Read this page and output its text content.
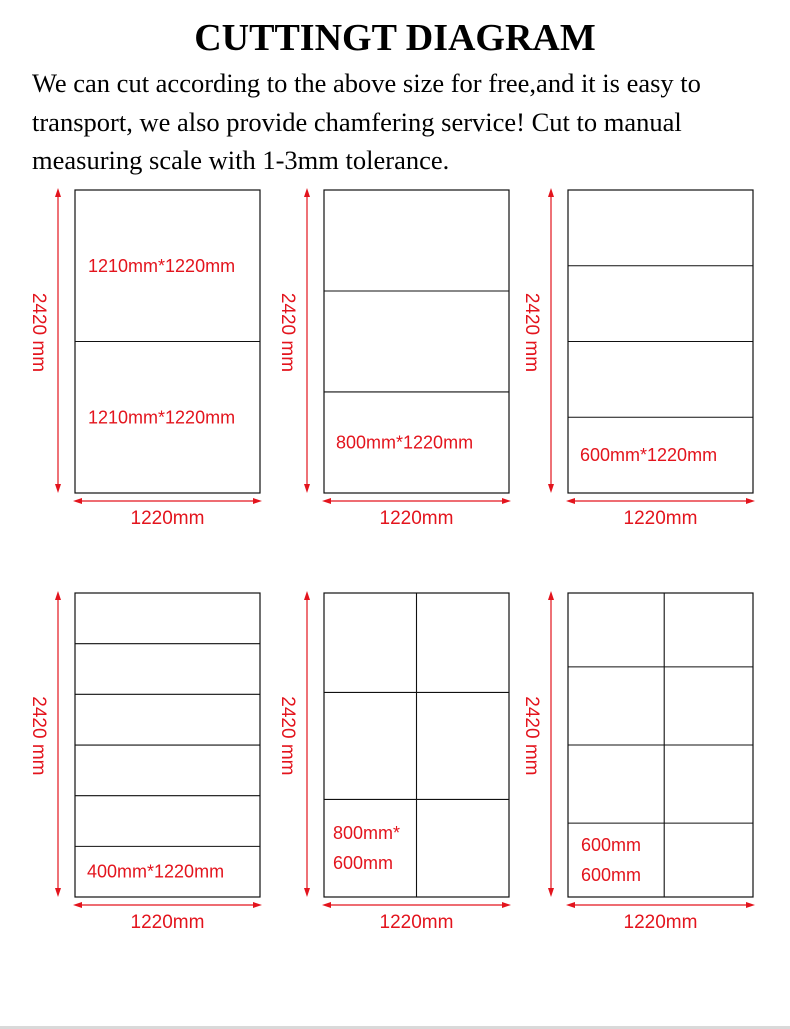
CUTTINGT DIAGRAM

We can cut according to the above size for free,and it is easy to transport, we also provide chamfering service! Cut to manual measuring scale with 1-3mm tolerance.

1210mm*1220mm
1210mm*1220mm
2420 mm
1220mm
800mm*1220mm
2420 mm
1220mm
600mm*1220mm
2420 mm
1220mm
400mm*1220mm
2420 mm
1220mm
800mm*
600mm
2420 mm
1220mm
600mm
600mm
2420 mm
1220mm
